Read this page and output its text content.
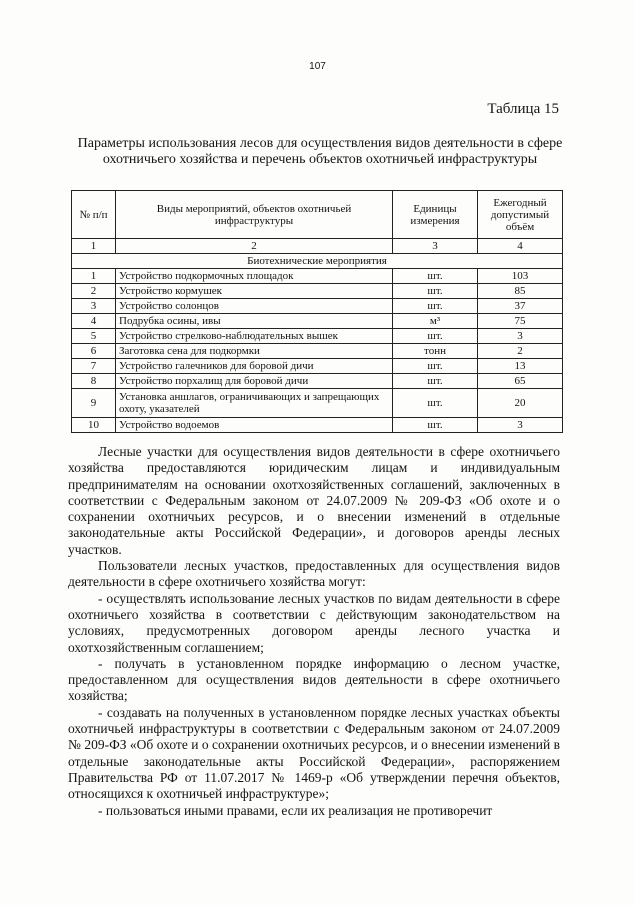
107
Таблица 15
Параметры использования лесов для осуществления видов деятельности в сфере охотничьего хозяйства и перечень объектов охотничьей инфраструктуры
№ п/п	Виды мероприятий, объектов охотничьей инфраструктуры	Единицы измерения	Ежегодный допустимый объём
1	2	3	4
Биотехнические мероприятия			
1	Устройство подкормочных площадок	шт.	103
2	Устройство кормушек	шт.	85
3	Устройство солонцов	шт.	37
4	Подрубка осины, ивы	м³	75
5	Устройство стрелково-наблюдательных вышек	шт.	3
6	Заготовка сена для подкормки	тонн	2
7	Устройство галечников для боровой дичи	шт.	13
8	Устройство порхалищ для боровой дичи	шт.	65
9	Установка аншлагов, ограничивающих и запрещающих охоту, указателей	шт.	20
10	Устройство водоемов	шт.	3

Лесные участки для осуществления видов деятельности в сфере охотничьего хозяйства предоставляются юридическим лицам и индивидуальным предпринимателям на основании охотхозяйственных соглашений, заключенных в соответствии с Федеральным законом от 24.07.2009 № 209-ФЗ «Об охоте и о сохранении охотничьих ресурсов, и о внесении изменений в отдельные законодательные акты Российской Федерации», и договоров аренды лесных участков.

Пользователи лесных участков, предоставленных для осуществления видов деятельности в сфере охотничьего хозяйства могут:

- осуществлять использование лесных участков по видам деятельности в сфере охотничьего хозяйства в соответствии с действующим законодательством на условиях, предусмотренных договором аренды лесного участка и охотхозяйственным соглашением;

- получать в установленном порядке информацию о лесном участке, предоставленном для осуществления видов деятельности в сфере охотничьего хозяйства;

- создавать на полученных в установленном порядке лесных участках объекты охотничьей инфраструктуры в соответствии с Федеральным законом от 24.07.2009 № 209-ФЗ «Об охоте и о сохранении охотничьих ресурсов, и о внесении изменений в отдельные законодательные акты Российской Федерации», распоряжением Правительства РФ от 11.07.2017 № 1469-р «Об утверждении перечня объектов, относящихся к охотничьей инфраструктуре»;

- пользоваться иными правами, если их реализация не противоречит
